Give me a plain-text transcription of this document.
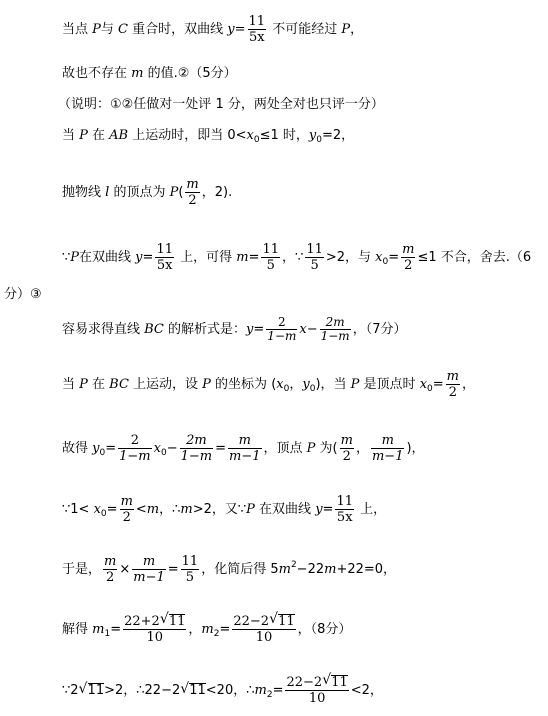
当点 P与 C 重合时，双曲线 $y= \frac{11}{5x}$ 不可能经过 P，
故也不存在 m 的值.②（5分）
（说明：①②任做对一处评 1 分，两处全对也只评一分）
当 P 在 AB 上运动时，即当 $0<x_0\le 1$ 时，$y_0=2$，
抛物线 l 的顶点为 $P( \frac{m}{2}$ ，2).
∵P在双曲线 $y= \frac{11}{5x}$ 上，可得 $m= \frac{11}{5}$ ，∵ $\frac{11}{5} >2$，与 $x_0= \frac{m}{2} \le 1$ 不合，舍去.（6
分）③
容易求得直线 BC 的解析式是：$y= \frac{2}{1-m} x- \frac{2m}{1-m}$ ，（7分）
当 P 在 BC 上运动，设 P 的坐标为 ($x_0$，$y_0$)，当 P 是顶点时 $x_0= \frac{m}{2}$ ，
故得 $y_0= \frac{2}{1-m} x_0- \frac{2m}{1-m} = \frac{m}{m-1}$ ，顶点 P 为( $\frac{m}{2}$ ， $\frac{m}{m-1}$ )，
∵1< $x_0= \frac{m}{2} <m$，∴m>2，又∵P 在双曲线 $y= \frac{11}{5x}$ 上，
于是， $\frac{m}{2} \times \frac{m}{m-1} = \frac{11}{5}$ ，化简后得 $5m^2-22m+22=0$，
解得 $m_1= \frac{22+2 √ 11}{10}$ ，$m_2= \frac{22-2 √ 11}{10}$ ，（8分）
∵2 √ 11>2，∴22−2 √ 11<20，$\therefore m_2= \frac{22-2 √ 11}{10} <2$，
